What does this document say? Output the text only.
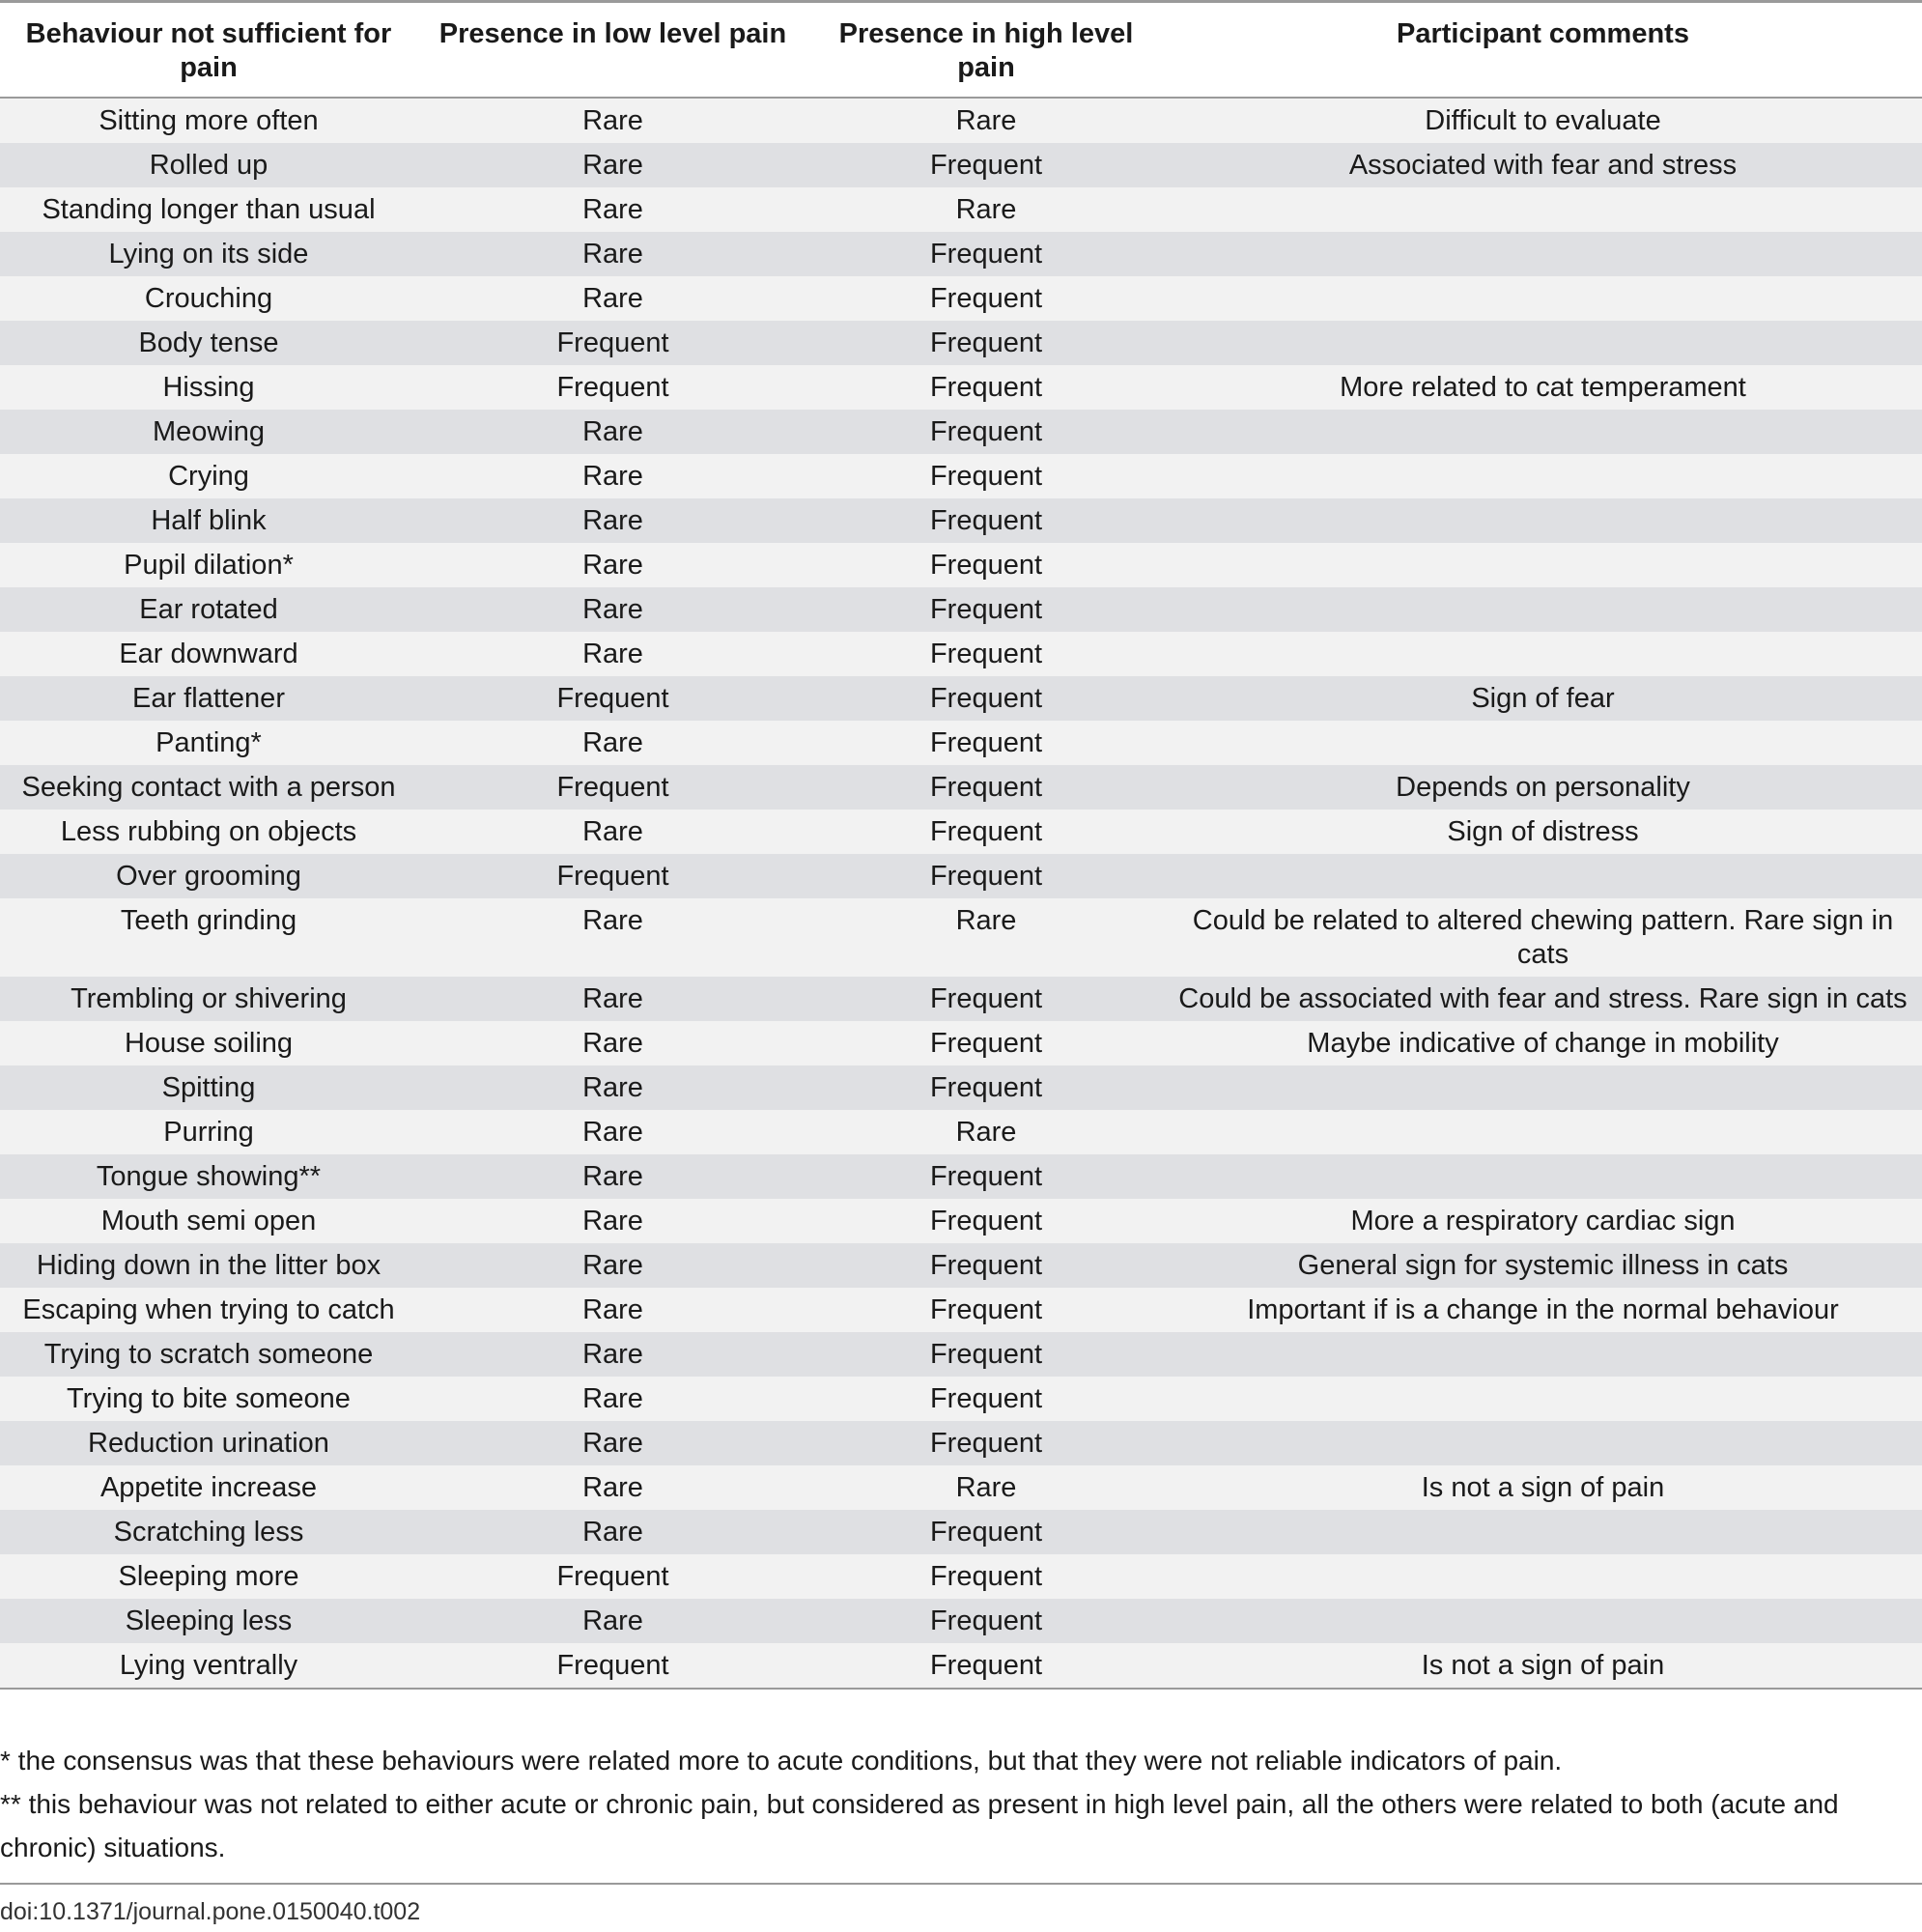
Behaviour not sufficient for pain	Presence in low level pain	Presence in high level pain	Participant comments
Sitting more often	Rare	Rare	Difficult to evaluate
Rolled up	Rare	Frequent	Associated with fear and stress
Standing longer than usual	Rare	Rare	
Lying on its side	Rare	Frequent	
Crouching	Rare	Frequent	
Body tense	Frequent	Frequent	
Hissing	Frequent	Frequent	More related to cat temperament
Meowing	Rare	Frequent	
Crying	Rare	Frequent	
Half blink	Rare	Frequent	
Pupil dilation*	Rare	Frequent	
Ear rotated	Rare	Frequent	
Ear downward	Rare	Frequent	
Ear flattener	Frequent	Frequent	Sign of fear
Panting*	Rare	Frequent	
Seeking contact with a person	Frequent	Frequent	Depends on personality
Less rubbing on objects	Rare	Frequent	Sign of distress
Over grooming	Frequent	Frequent	
Teeth grinding	Rare	Rare	Could be related to altered chewing pattern. Rare sign in cats
Trembling or shivering	Rare	Frequent	Could be associated with fear and stress. Rare sign in cats
House soiling	Rare	Frequent	Maybe indicative of change in mobility
Spitting	Rare	Frequent	
Purring	Rare	Rare	
Tongue showing**	Rare	Frequent	
Mouth semi open	Rare	Frequent	More a respiratory cardiac sign
Hiding down in the litter box	Rare	Frequent	General sign for systemic illness in cats
Escaping when trying to catch	Rare	Frequent	Important if is a change in the normal behaviour
Trying to scratch someone	Rare	Frequent	
Trying to bite someone	Rare	Frequent	
Reduction urination	Rare	Frequent	
Appetite increase	Rare	Rare	Is not a sign of pain
Scratching less	Rare	Frequent	
Sleeping more	Frequent	Frequent	
Sleeping less	Rare	Frequent	
Lying ventrally	Frequent	Frequent	Is not a sign of pain

* the consensus was that these behaviours were related more to acute conditions, but that they were not reliable indicators of pain.

** this behaviour was not related to either acute or chronic pain, but considered as present in high level pain, all the others were related to both (acute and chronic) situations.

doi:10.1371/journal.pone.0150040.t002
